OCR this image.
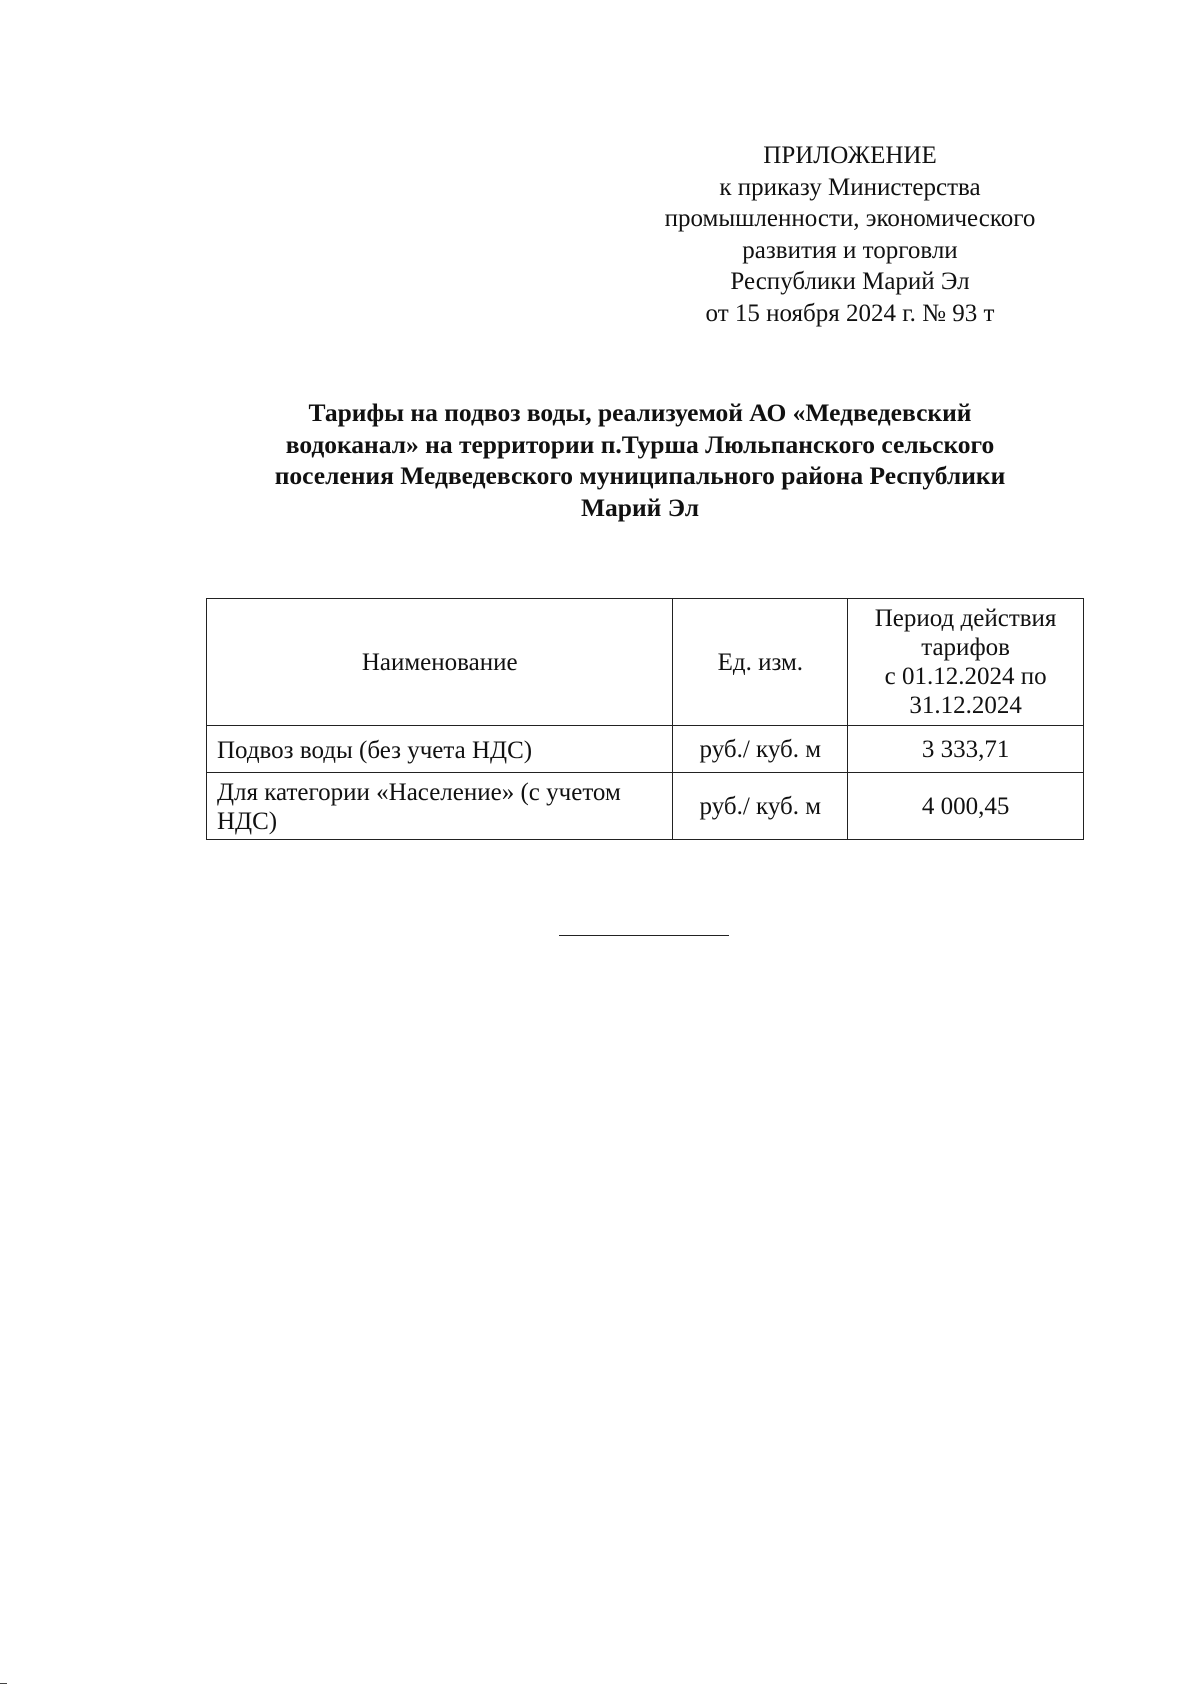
ПРИЛОЖЕНИЕ
к приказу Министерства
промышленности, экономического
развития и торговли
Республики Марий Эл
от 15 ноября 2024 г. № 93 т
Тарифы на подвоз воды, реализуемой АО «Медведевский
водоканал» на территории п.Турша Люльпанского сельского
поселения Медведевского муниципального района Республики
Марий Эл
Наименование	Ед. изм.	Период действия
тарифов
с 01.12.2024 по
31.12.2024

Подвоз воды (без учета НДС)	руб./ куб. м	3 333,71

Для категории «Население» (с учетом
НДС)	руб./ куб. м	4 000,45
